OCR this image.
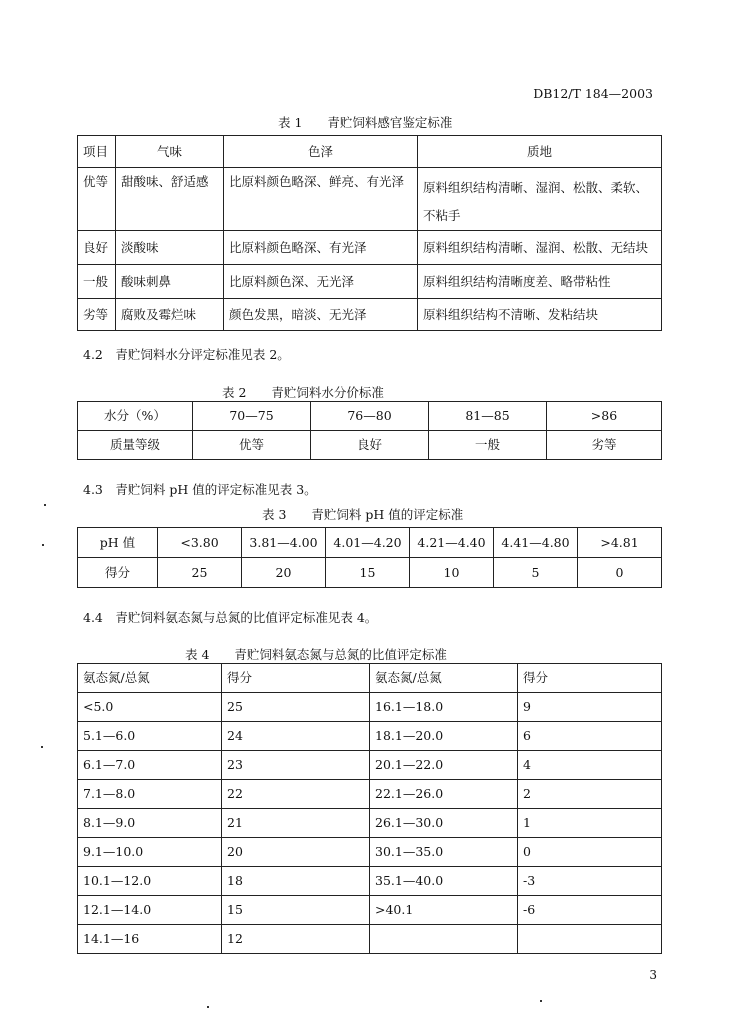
DB12/T 184—2003
表 1　　青贮饲料感官鉴定标准
项目	气味	色泽	质地
优等	甜酸味、舒适感	比原料颜色略深、鲜亮、有光泽	原料组织结构清晰、湿润、松散、柔软、不粘手
良好	淡酸味	比原料颜色略深、有光泽	原料组织结构清晰、湿润、松散、无结块
一般	酸味刺鼻	比原料颜色深、无光泽	原料组织结构清晰度差、略带粘性
劣等	腐败及霉烂味	颜色发黑，暗淡、无光泽	原料组织结构不清晰、发粘结块
4.2　青贮饲料水分评定标准见表 2。
表 2　　青贮饲料水分价标准
水分（%）	70—75	76—80	81—85	>86
质量等级	优等	良好	一般	劣等
4.3　青贮饲料 pH 值的评定标准见表 3。
表 3　　青贮饲料 pH 值的评定标准
pH 值	<3.80	3.81—4.00	4.01—4.20	4.21—4.40	4.41—4.80	>4.81
得分	25	20	15	10	5	0
4.4　青贮饲料氨态氮与总氮的比值评定标准见表 4。
表 4　　青贮饲料氨态氮与总氮的比值评定标准
氨态氮/总氮	得分	氨态氮/总氮	得分
<5.0	25	16.1—18.0	9
5.1—6.0	24	18.1—20.0	6
6.1—7.0	23	20.1—22.0	4
7.1—8.0	22	22.1—26.0	2
8.1—9.0	21	26.1—30.0	1
9.1—10.0	20	30.1—35.0	0
10.1—12.0	18	35.1—40.0	-3
12.1—14.0	15	>40.1	-6
14.1—16	12		
3
